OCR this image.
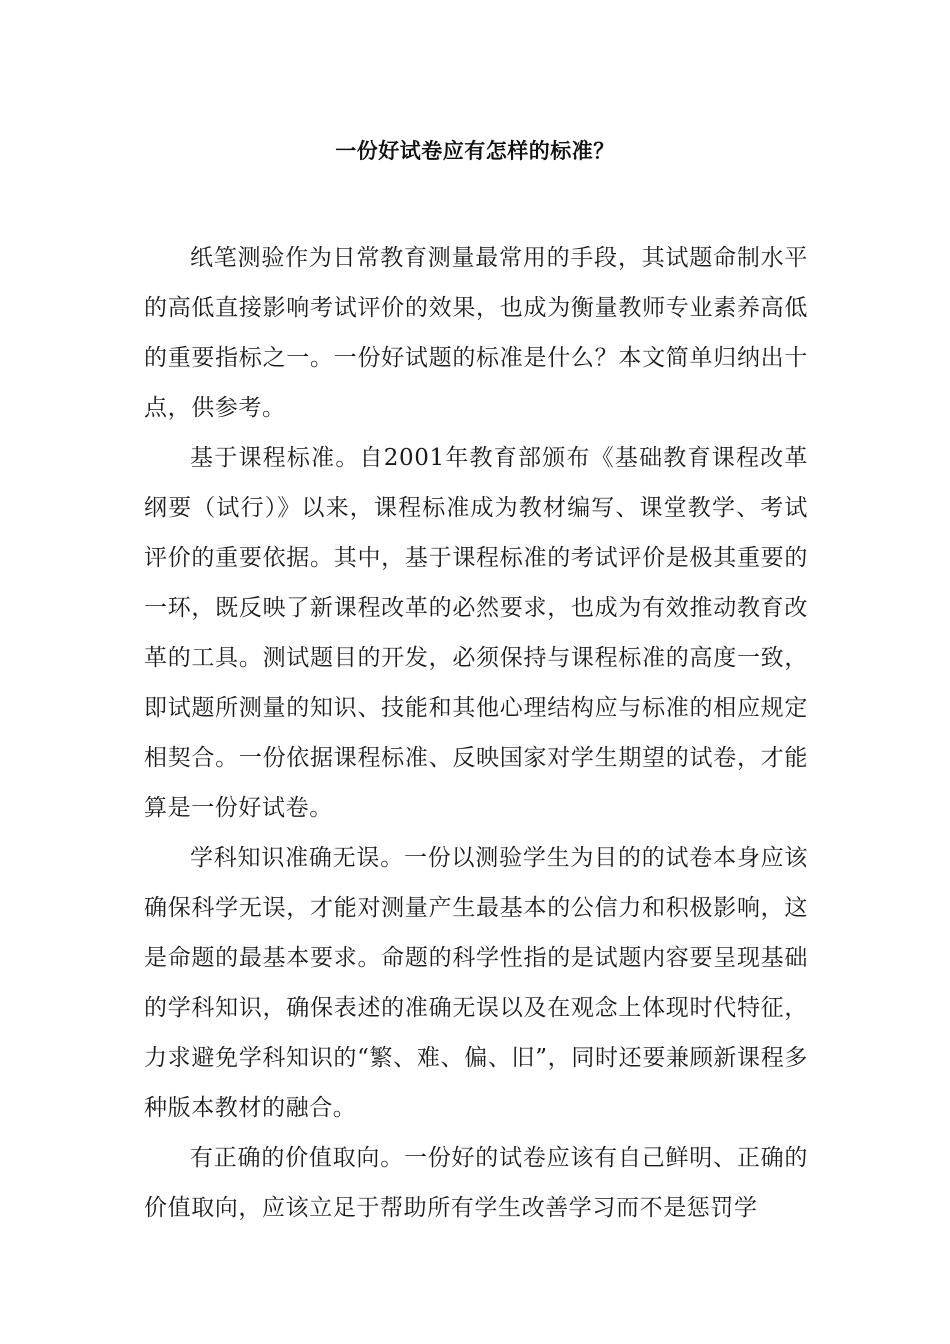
一份好试卷应有怎样的标准？

纸笔测验作为日常教育测量最常用的手段，其试题命制水平的高低直接影响考试评价的效果，也成为衡量教师专业素养高低的重要指标之一。一份好试题的标准是什么？本文简单归纳出十点，供参考。

基于课程标准。自2001年教育部颁布《基础教育课程改革纲要（试行）》以来，课程标准成为教材编写、课堂教学、考试评价的重要依据。其中，基于课程标准的考试评价是极其重要的一环，既反映了新课程改革的必然要求，也成为有效推动教育改革的工具。测试题目的开发，必须保持与课程标准的高度一致，即试题所测量的知识、技能和其他心理结构应与标准的相应规定相契合。一份依据课程标准、反映国家对学生期望的试卷，才能算是一份好试卷。

学科知识准确无误。一份以测验学生为目的的试卷本身应该确保科学无误，才能对测量产生最基本的公信力和积极影响，这是命题的最基本要求。命题的科学性指的是试题内容要呈现基础的学科知识，确保表述的准确无误以及在观念上体现时代特征，力求避免学科知识的“繁、难、偏、旧”，同时还要兼顾新课程多种版本教材的融合。

有正确的价值取向。一份好的试卷应该有自己鲜明、正确的价值取向，应该立足于帮助所有学生改善学习而不是惩罚学
